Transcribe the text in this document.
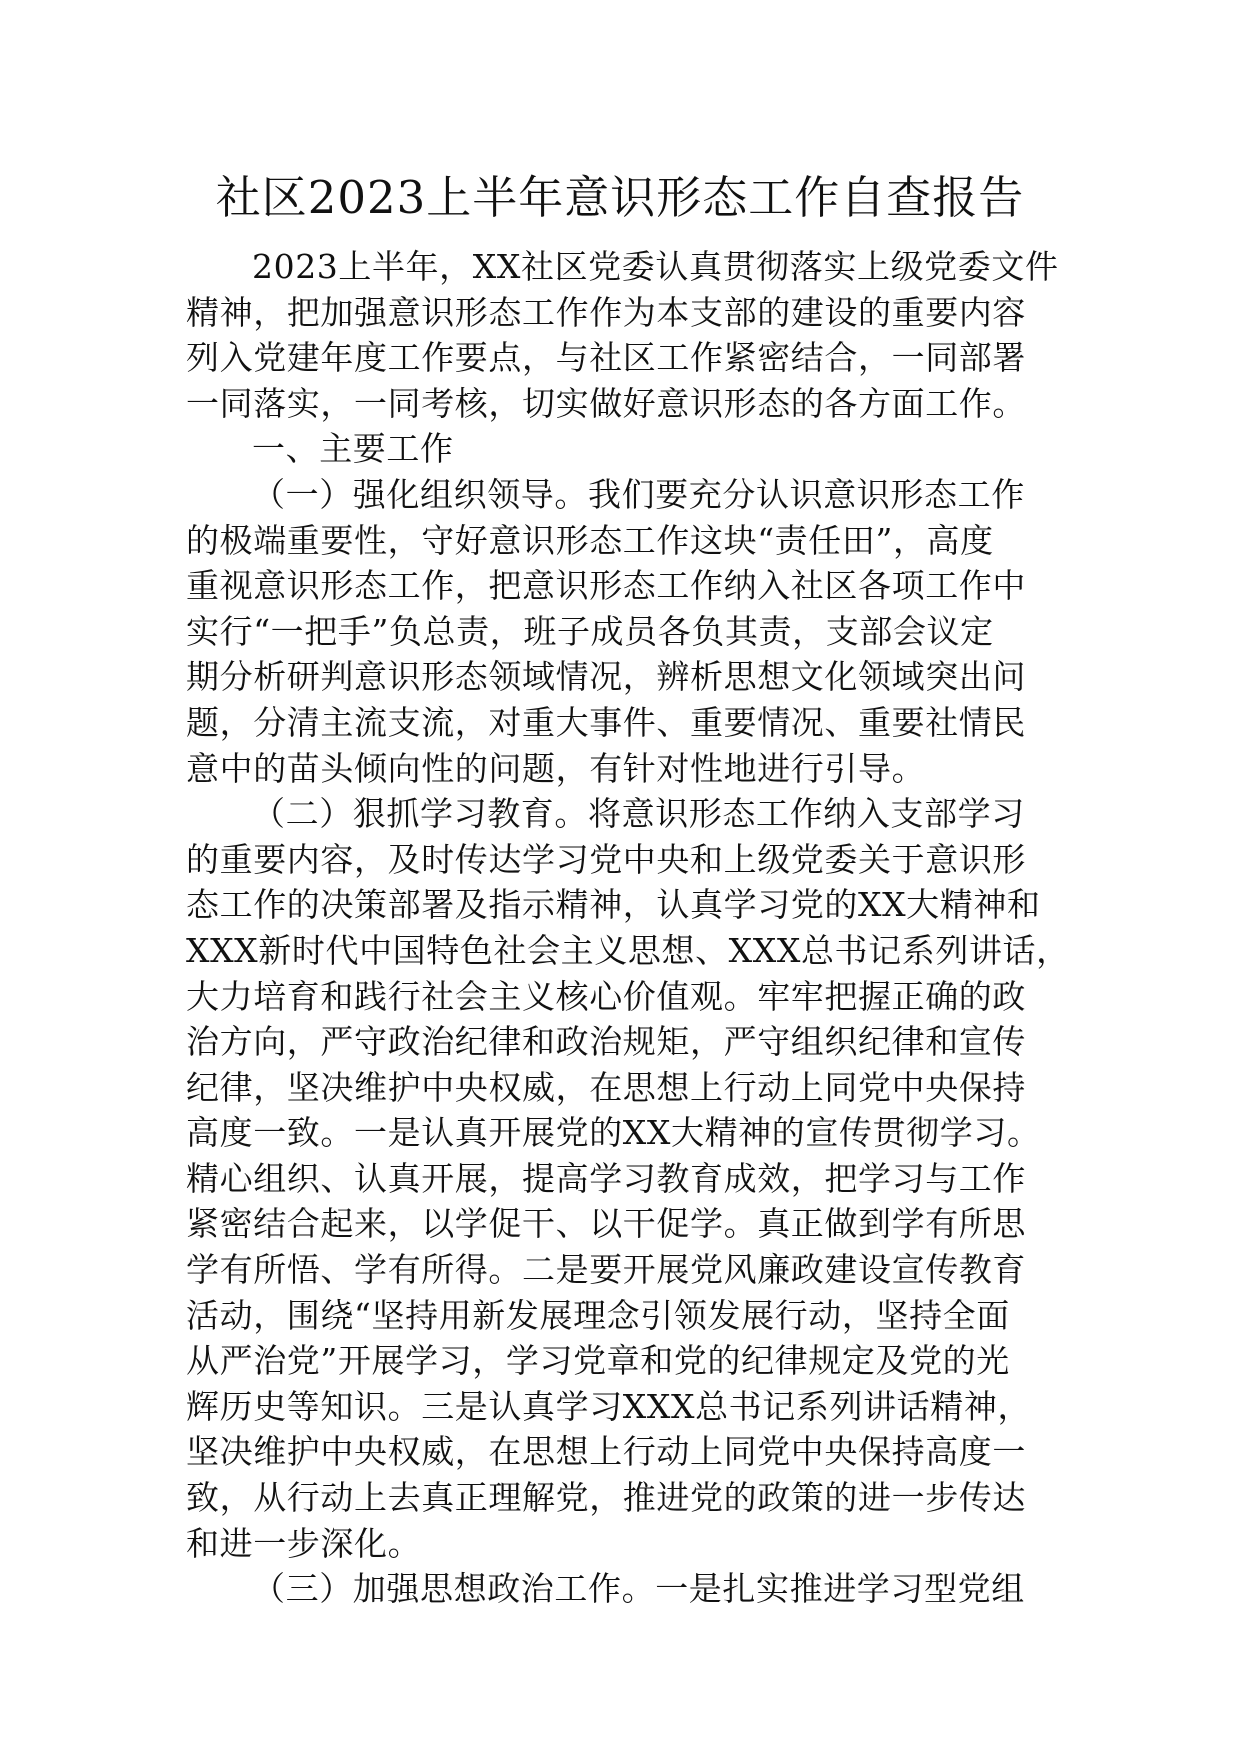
社区2023上半年意识形态工作自查报告
2023上半年，XX社区党委认真贯彻落实上级党委文件
精神，把加强意识形态工作作为本支部的建设的重要内容
列入党建年度工作要点，与社区工作紧密结合，一同部署
一同落实，一同考核，切实做好意识形态的各方面工作。
一、主要工作
（一）强化组织领导。我们要充分认识意识形态工作
的极端重要性，守好意识形态工作这块“责任田”，高度
重视意识形态工作，把意识形态工作纳入社区各项工作中
实行“一把手”负总责，班子成员各负其责，支部会议定
期分析研判意识形态领域情况，辨析思想文化领域突出问
题，分清主流支流，对重大事件、重要情况、重要社情民
意中的苗头倾向性的问题，有针对性地进行引导。
（二）狠抓学习教育。将意识形态工作纳入支部学习
的重要内容，及时传达学习党中央和上级党委关于意识形
态工作的决策部署及指示精神，认真学习党的XX大精神和
XXX新时代中国特色社会主义思想、XXX总书记系列讲话，
大力培育和践行社会主义核心价值观。牢牢把握正确的政
治方向，严守政治纪律和政治规矩，严守组织纪律和宣传
纪律，坚决维护中央权威，在思想上行动上同党中央保持
高度一致。一是认真开展党的XX大精神的宣传贯彻学习。
精心组织、认真开展，提高学习教育成效，把学习与工作
紧密结合起来，以学促干、以干促学。真正做到学有所思
学有所悟、学有所得。二是要开展党风廉政建设宣传教育
活动，围绕“坚持用新发展理念引领发展行动，坚持全面
从严治党”开展学习，学习党章和党的纪律规定及党的光
辉历史等知识。三是认真学习XXX总书记系列讲话精神，
坚决维护中央权威，在思想上行动上同党中央保持高度一
致，从行动上去真正理解党，推进党的政策的进一步传达
和进一步深化。
（三）加强思想政治工作。一是扎实推进学习型党组
